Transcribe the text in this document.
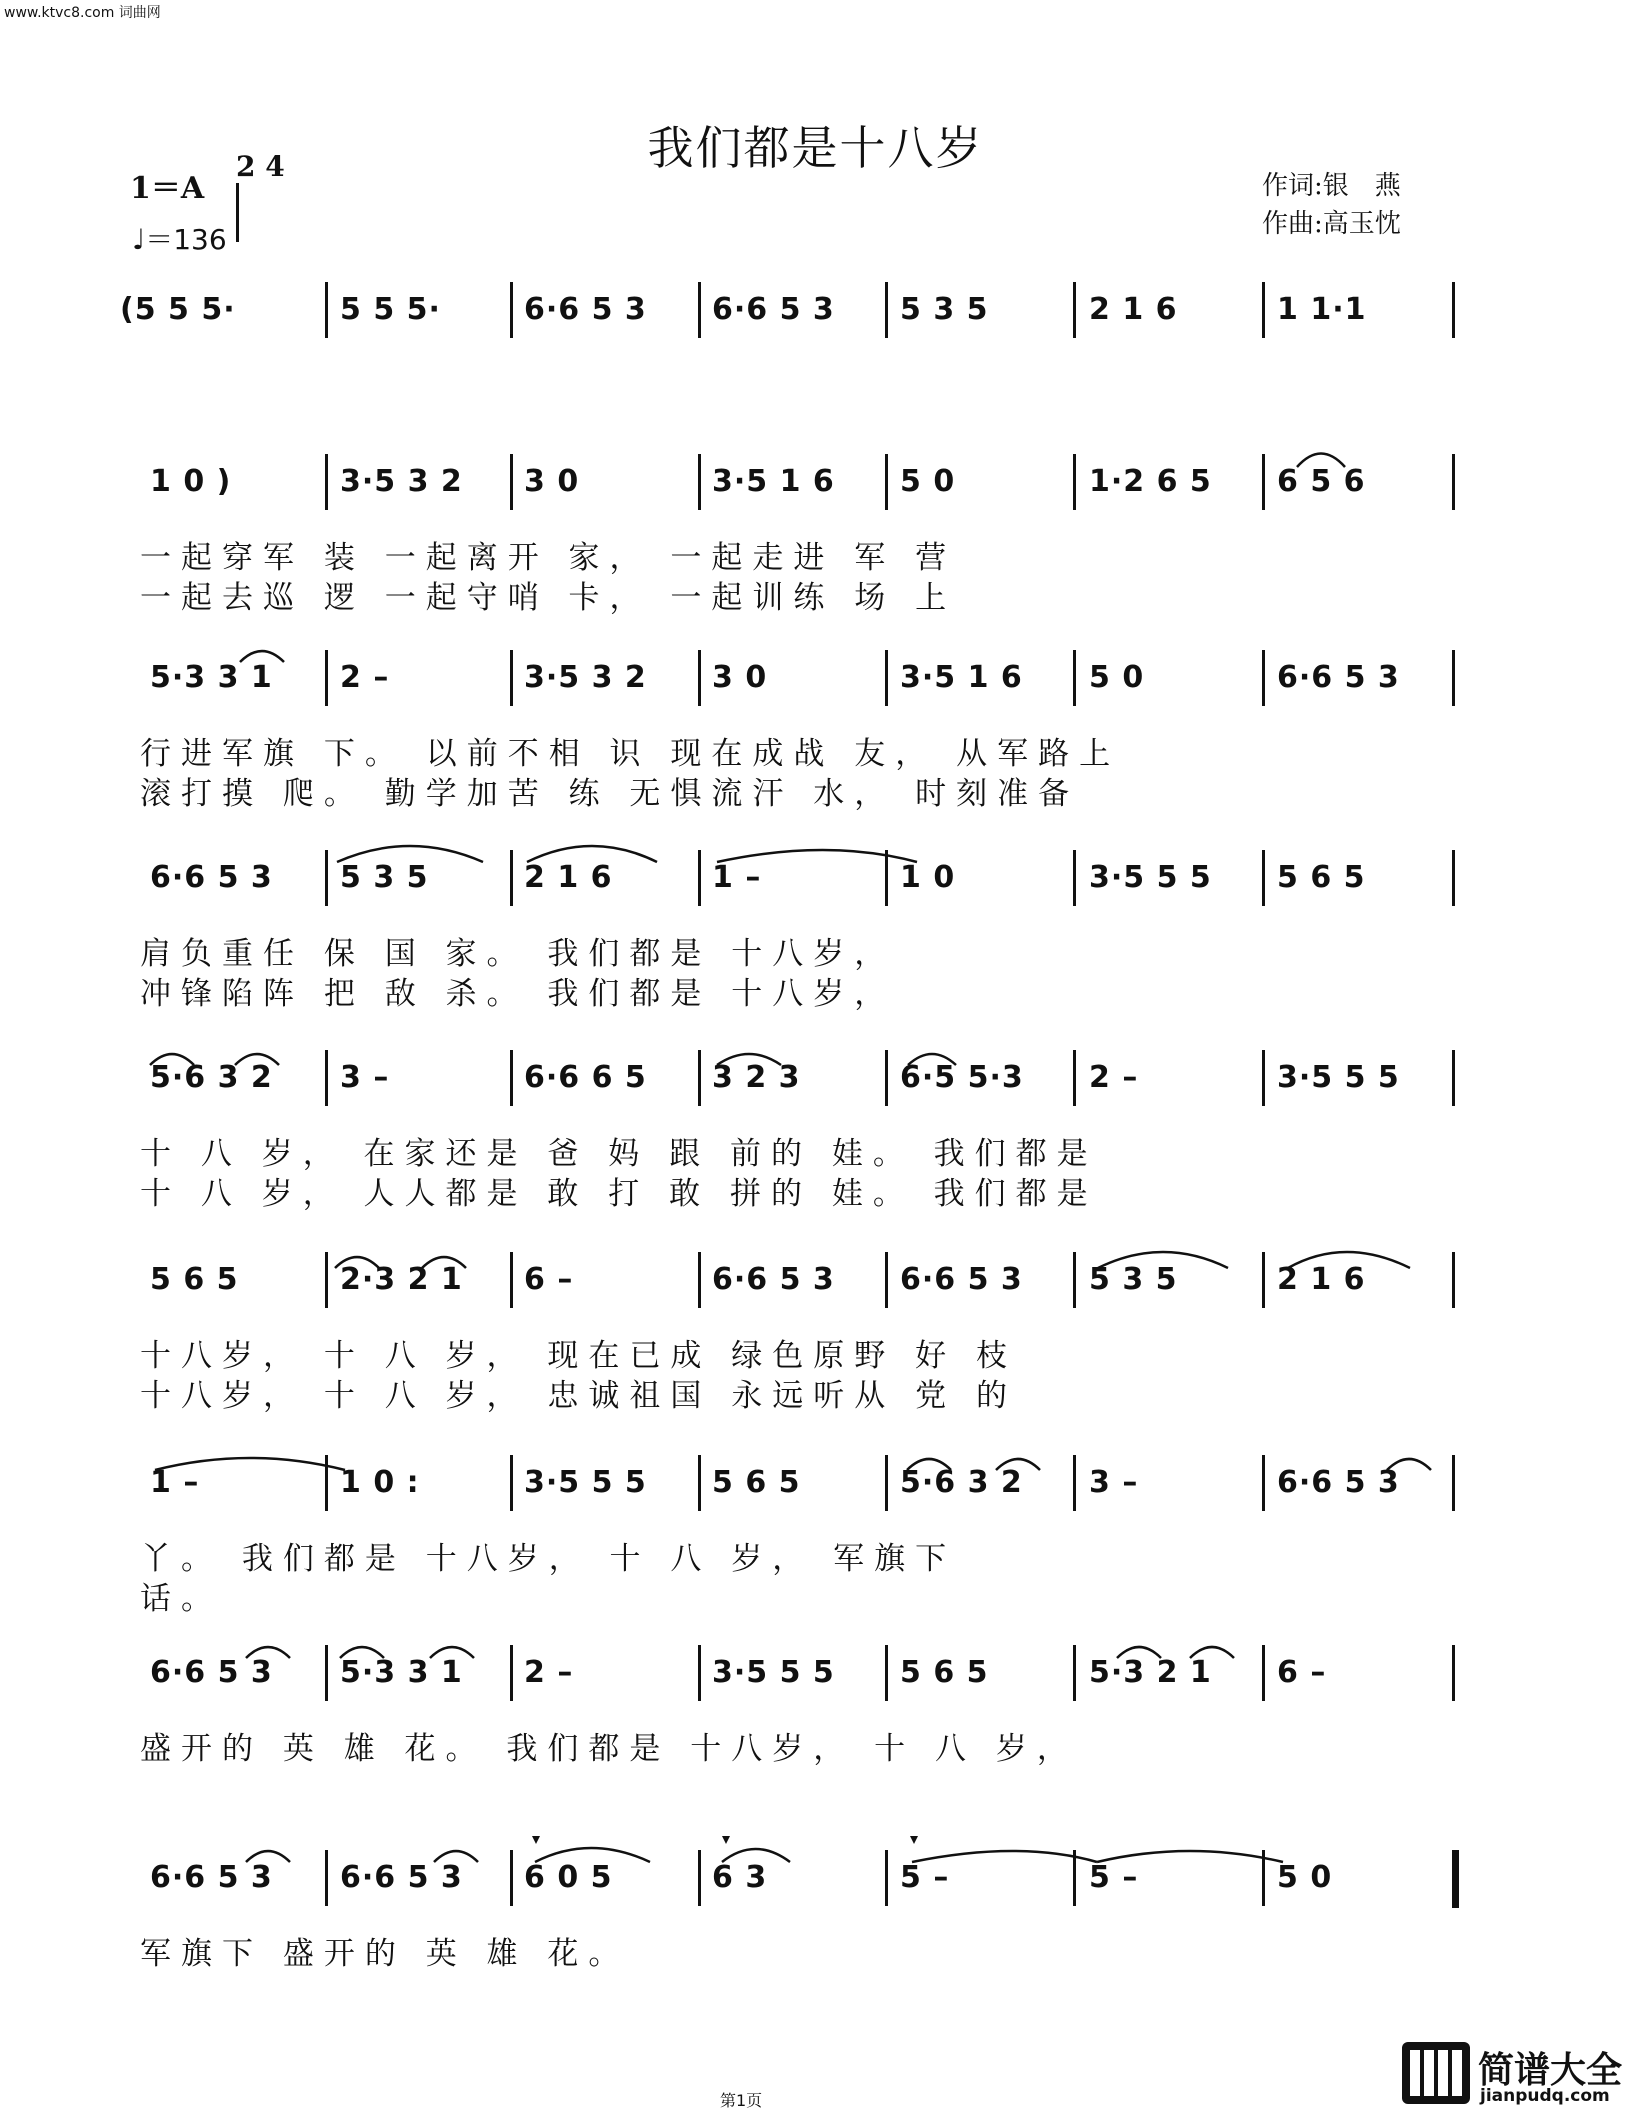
www.ktvc8.com 词曲网
我们都是十八岁
1＝A
2 4
♩＝136
作词:银　燕
作曲:高玉忱
(5 5 5·	5 5 5·	6·6 5 3 6·6 5 3 5 3 5	2 1 6	1 1·1
1 0 )	3·5 3 2 3 0	3·5 1 6 5 0	1·2 6 5 6 5 6
一起穿军 装 一起离开 家， 一起走进 军 营
一起去巡 逻 一起守哨 卡， 一起训练 场 上
5·3 3 1 2 –	3·5 3 2 3 0	3·5 1 6 5 0	6·6 5 3
行进军旗 下。 以前不相 识 现在成战 友， 从军路上
滚打摸 爬。 勤学加苦 练 无惧流汗 水， 时刻准备
6·6 5 3 5 3 5	2 1 6	1 –	1 0	3·5 5 5 5 6 5
肩负重任 保 国 家。 我们都是 十八岁，
冲锋陷阵 把 敌 杀。 我们都是 十八岁，
5·6 3 2 3 –	6·6 6 5 3 2 3	6·5 5·3 2 –	3·5 5 5
十 八 岁， 在家还是 爸 妈 跟 前的 娃。 我们都是
十 八 岁， 人人都是 敢 打 敢 拼的 娃。 我们都是
5 6 5	2·3 2 1 6 –	6·6 5 3 6·6 5 3 5 3 5	2 1 6
十八岁， 十 八 岁， 现在已成 绿色原野 好 枝
十八岁， 十 八 岁， 忠诚祖国 永远听从 党 的
1 –	1 0 :	3·5 5 5 5 6 5	5·6 3 2 3 –	6·6 5 3
丫。 我们都是 十八岁， 十 八 岁， 军旗下
话。
6·6 5 3 5·3 3 1 2 –	3·5 5 5 5 6 5	5·3 2 1 6 –
盛开的 英 雄 花。 我们都是 十八岁， 十 八 岁，
6·6 5 3 6·6 5 3 6 0 5	6 3	5 –	5 –	5 0
军旗下 盛开的 英 雄 花。
第1页
简谱大全
jianpudq.com
